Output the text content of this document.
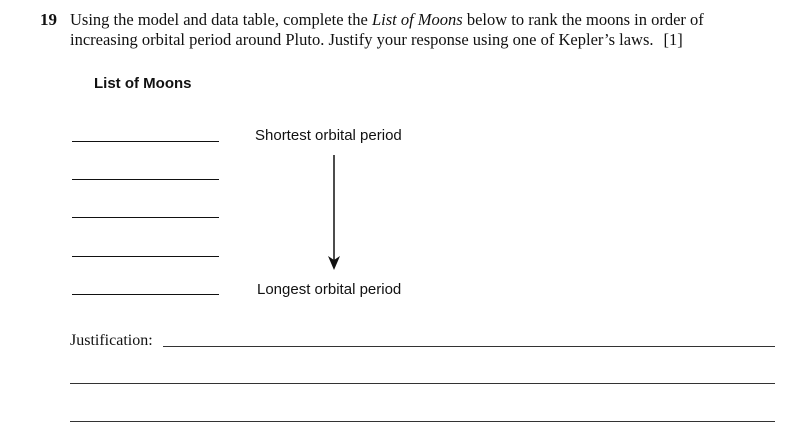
19 Using the model and data table, complete the List of Moons below to rank the moons in order of increasing orbital period around Pluto. Justify your response using one of Kepler’s laws. [1]
List of Moons
Shortest orbital period
Longest orbital period
Justification:
